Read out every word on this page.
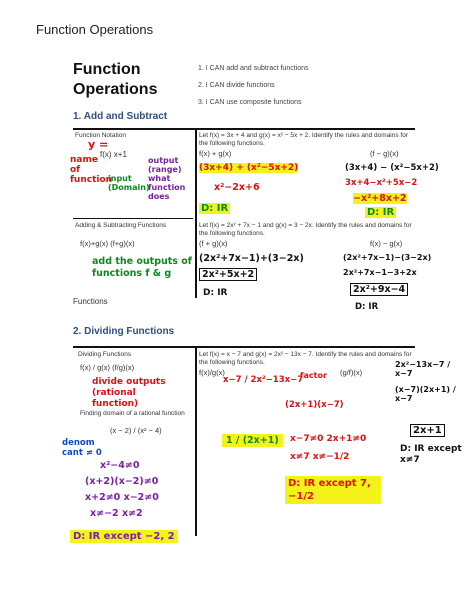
Function Operations
Function
Operations
1. I CAN add and subtract functions
2. I CAN divide functions
3. I CAN use composite functions
1. Add and Subtract
Function Notation
y =
f(x) x+1
name of function
input (Domain)
output (range) what function does
Adding & Subtracting Functions
f(x)+g(x) (f+g)(x)
add the outputs of functions f & g
Functions
Let f(x) = 3x + 4 and g(x) = x² − 5x + 2. Identify the rules and domains for the following functions.
f(x) + g(x)	(f − g)(x)
(3x+4) + (x²−5x+2)
x²−2x+6
D: IR
(3x+4) − (x²−5x+2)
3x+4−x²+5x−2
−x²+8x+2
D: IR
Let f(x) = 2x² + 7x − 1 and g(x) = 3 − 2x. Identify the rules and domains for the following functions.
(f + g)(x)	f(x) − g(x)
(2x²+7x−1)+(3−2x)
2x²+5x+2
D: IR
(2x²+7x−1)−(3−2x)
2x²+7x−1−3+2x
2x²+9x−4
D: IR
2. Dividing Functions
Dividing Functions
f(x) / g(x) (f/g)(x)
divide outputs (rational function)
Finding domain of a rational function
(x − 2) / (x² − 4)
denom cant ≠ 0
x²−4≠0
(x+2)(x−2)≠0
x+2≠0 x−2≠0
x≠−2 x≠2
D: IR except −2, 2
Let f(x) = x − 7 and g(x) = 2x² − 13x − 7. Identify the rules and domains for the following functions.
f(x)/g(x)	(g/f)(x)
x−7 / 2x²−13x−7
factor
(2x+1)(x−7)
1 / (2x+1)	x−7≠0 2x+1≠0
x≠7 x≠−1/2
D: IR except 7, −1/2
2x²−13x−7 / x−7
(x−7)(2x+1) / x−7
2x+1
D: IR except x≠7
